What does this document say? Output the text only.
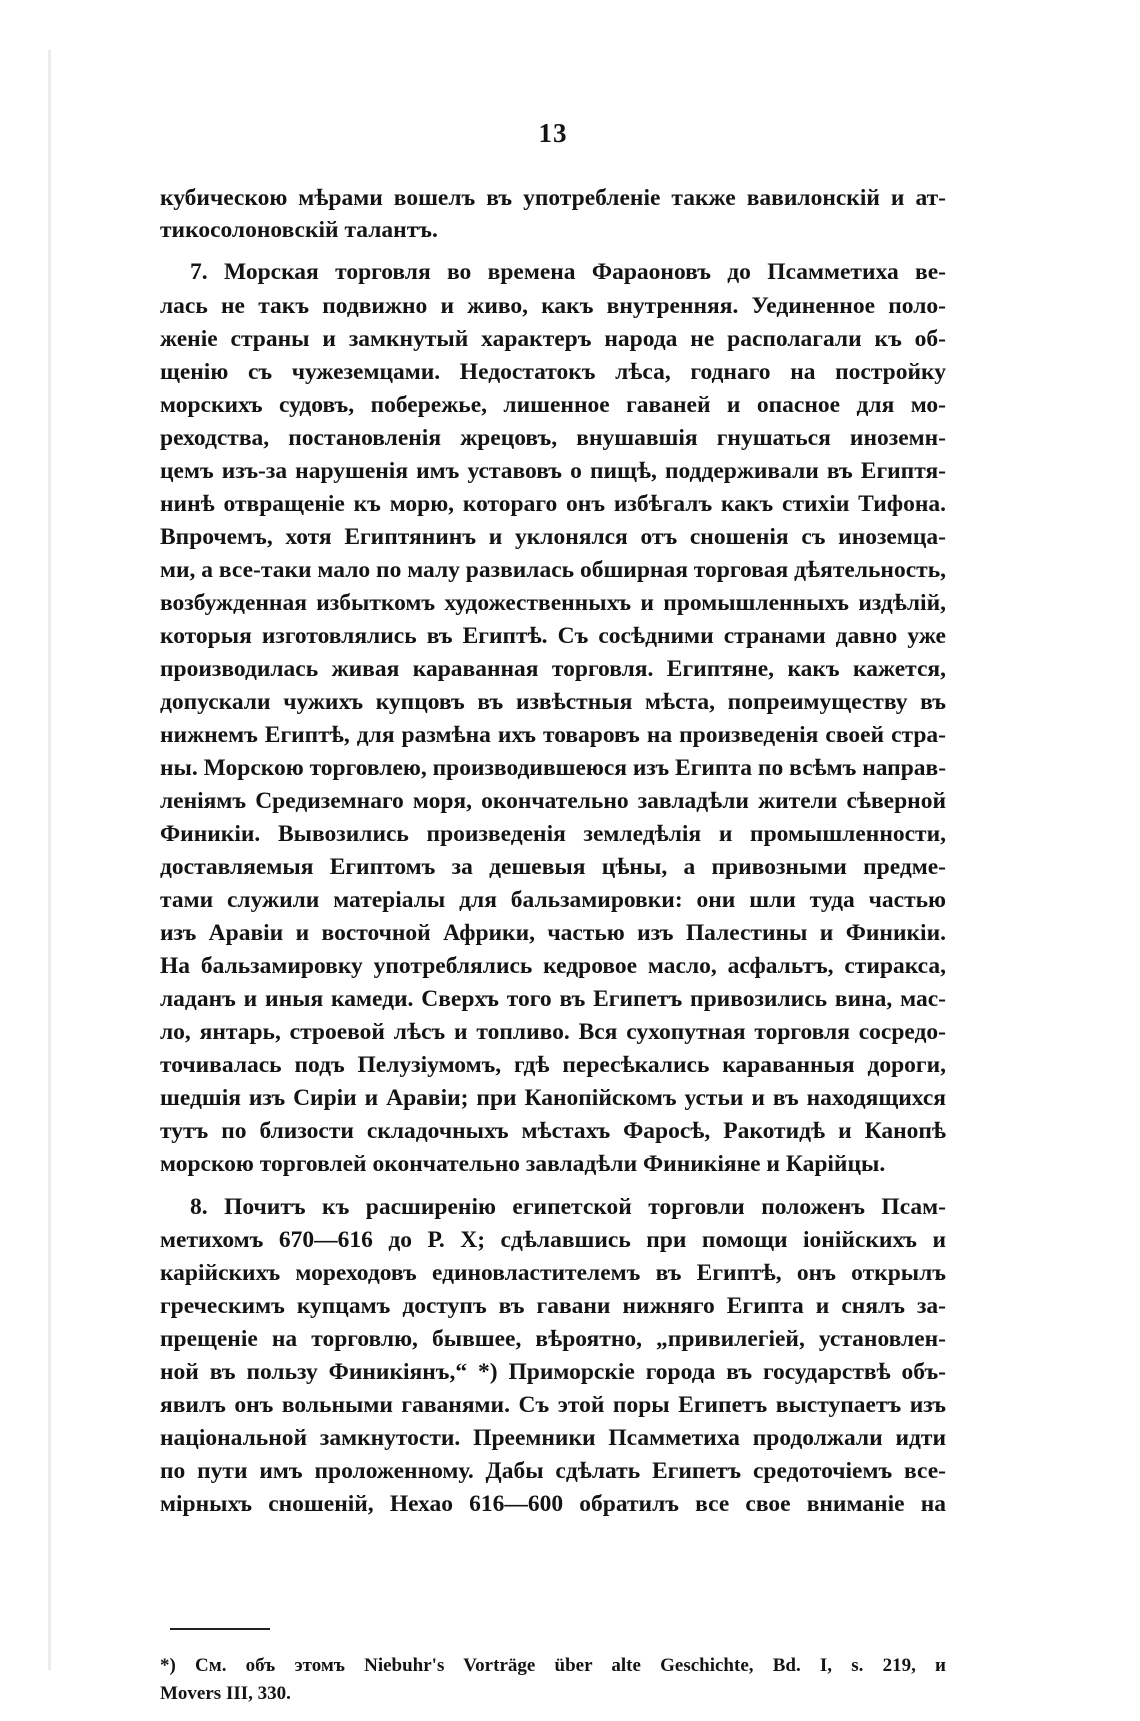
13
кубическою мѣрами вошелъ въ употребленіе также вавилонскій и ат-
тикосолоновскій талантъ.
7. Морская торговля во времена Фараоновъ до Псамметиха ве-
лась не такъ подвижно и живо, какъ внутренняя. Уединенное поло-
женіе страны и замкнутый характеръ народа не располагали къ об-
щенію съ чужеземцами. Недостатокъ лѣса, годнаго на постройку
морскихъ судовъ, побережье, лишенное гаваней и опасное для мо-
реходства, постановленія жрецовъ, внушавшія гнушаться иноземн-
цемъ изъ-за нарушенія имъ уставовъ о пищѣ, поддерживали въ Египтя-
нинѣ отвращеніе къ морю, котораго онъ избѣгалъ какъ стихіи Тифона.
Впрочемъ, хотя Египтянинъ и уклонялся отъ сношенія съ иноземца-
ми, а все-таки мало по малу развилась обширная торговая дѣятельность,
возбужденная избыткомъ художественныхъ и промышленныхъ издѣлій,
которыя изготовлялись въ Египтѣ. Съ сосѣдними странами давно уже
производилась живая караванная торговля. Египтяне, какъ кажется,
допускали чужихъ купцовъ въ извѣстныя мѣста, попреимуществу въ
нижнемъ Египтѣ, для размѣна ихъ товаровъ на произведенія своей стра-
ны. Морскою торговлею, производившеюся изъ Египта по всѣмъ направ-
леніямъ Средиземнаго моря, окончательно завладѣли жители сѣверной
Финикіи. Вывозились произведенія земледѣлія и промышленности,
доставляемыя Египтомъ за дешевыя цѣны, а привозными предме-
тами служили матеріалы для бальзамировки: они шли туда частью
изъ Аравіи и восточной Африки, частью изъ Палестины и Финикіи.
На бальзамировку употреблялись кедровое масло, асфальтъ, стиракса,
ладанъ и иныя камеди. Сверхъ того въ Египетъ привозились вина, мас-
ло, янтарь, строевой лѣсъ и топливо. Вся сухопутная торговля сосредо-
точивалась подъ Пелузіумомъ, гдѣ пересѣкались караванныя дороги,
шедшія изъ Сиріи и Аравіи; при Канопійскомъ устьи и въ находящихся
тутъ по близости складочныхъ мѣстахъ Фаросѣ, Ракотидѣ и Канопѣ
морскою торговлей окончательно завладѣли Финикіяне и Карійцы.
8. Почитъ къ расширенію египетской торговли положенъ Псам-
метихомъ 670—616 до Р. Х; сдѣлавшись при помощи іонійскихъ и
карійскихъ мореходовъ единовластителемъ въ Египтѣ, онъ открылъ
греческимъ купцамъ доступъ въ гавани нижняго Египта и снялъ за-
прещеніе на торговлю, бывшее, вѣроятно, „привилегіей, установлен-
ной въ пользу Финикіянъ,“ *) Приморскіе города въ государствѣ объ-
явилъ онъ вольными гаванями. Съ этой поры Египетъ выступаетъ изъ
національной замкнутости. Преемники Псамметиха продолжали идти
по пути имъ проложенному. Дабы сдѣлать Египетъ средоточіемъ все-
мірныхъ сношеній, Нехао 616—600 обратилъ все свое вниманіе на
*) См. объ этомъ Niebuhr's Vorträge über alte Geschichte, Bd. I, s. 219, и
Movers III, 330.
